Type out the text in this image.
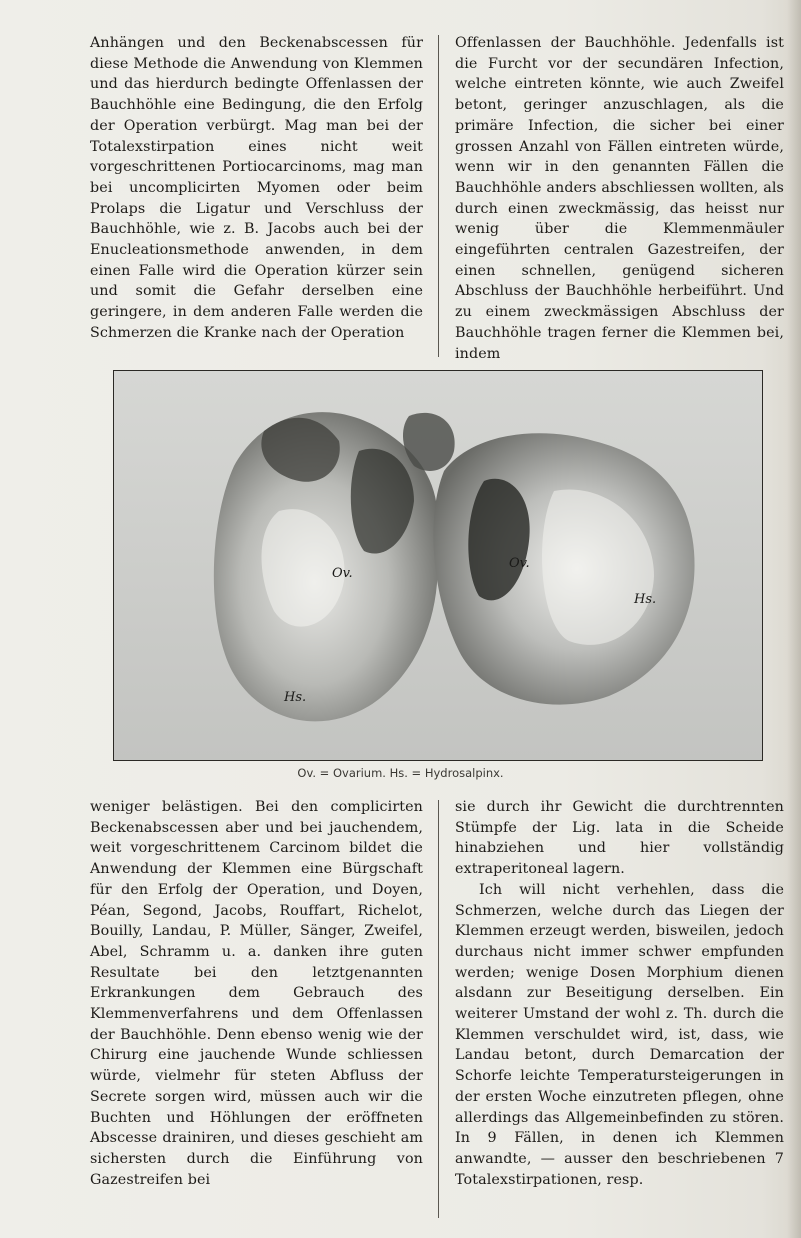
Anhängen und den Beckenabscessen für diese Methode die Anwendung von Klemmen und das hierdurch bedingte Offenlassen der Bauchhöhle eine Bedingung, die den Erfolg der Operation verbürgt. Mag man bei der Totalexstirpation eines nicht weit vorgeschrittenen Portiocarcinoms, mag man bei uncomplicirten Myomen oder beim Prolaps die Ligatur und Verschluss der Bauchhöhle, wie z. B. Jacobs auch bei der Enucleationsmethode anwenden, in dem einen Falle wird die Operation kürzer sein und somit die Gefahr derselben eine geringere, in dem anderen Falle werden die Schmerzen die Kranke nach der Operation

Offenlassen der Bauchhöhle. Jedenfalls ist die Furcht vor der secundären Infection, welche eintreten könnte, wie auch Zweifel betont, geringer anzuschlagen, als die primäre Infection, die sicher bei einer grossen Anzahl von Fällen eintreten würde, wenn wir in den genannten Fällen die Bauchhöhle anders abschliessen wollten, als durch einen zweckmässig, das heisst nur wenig über die Klemmenmäuler eingeführten centralen Gazestreifen, der einen schnellen, genügend sicheren Abschluss der Bauchhöhle herbeiführt. Und zu einem zweckmässigen Abschluss der Bauchhöhle tragen ferner die Klemmen bei, indem

Ov.
Ov.
Hs.
Hs.
Ov. = Ovarium. Hs. = Hydrosalpinx.

weniger belästigen. Bei den complicirten Beckenabscessen aber und bei jauchendem, weit vorgeschrittenem Carcinom bildet die Anwendung der Klemmen eine Bürgschaft für den Erfolg der Operation, und Doyen, Péan, Segond, Jacobs, Rouffart, Richelot, Bouilly, Landau, P. Müller, Sänger, Zweifel, Abel, Schramm u. a. danken ihre guten Resultate bei den letztgenannten Erkrankungen dem Gebrauch des Klemmenverfahrens und dem Offenlassen der Bauchhöhle. Denn ebenso wenig wie der Chirurg eine jauchende Wunde schliessen würde, vielmehr für steten Abfluss der Secrete sorgen wird, müssen auch wir die Buchten und Höhlungen der eröffneten Abscesse drainiren, und dieses geschieht am sichersten durch die Einführung von Gazestreifen bei

sie durch ihr Gewicht die durchtrennten Stümpfe der Lig. lata in die Scheide hinabziehen und hier vollständig extraperitoneal lagern.

Ich will nicht verhehlen, dass die Schmerzen, welche durch das Liegen der Klemmen erzeugt werden, bisweilen, jedoch durchaus nicht immer schwer empfunden werden; wenige Dosen Morphium dienen alsdann zur Beseitigung derselben. Ein weiterer Umstand der wohl z. Th. durch die Klemmen verschuldet wird, ist, dass, wie Landau betont, durch Demarcation der Schorfe leichte Temperatursteigerungen in der ersten Woche einzutreten pflegen, ohne allerdings das Allgemeinbefinden zu stören. In 9 Fällen, in denen ich Klemmen anwandte, — ausser den beschriebenen 7 Totalexstirpationen, resp.
